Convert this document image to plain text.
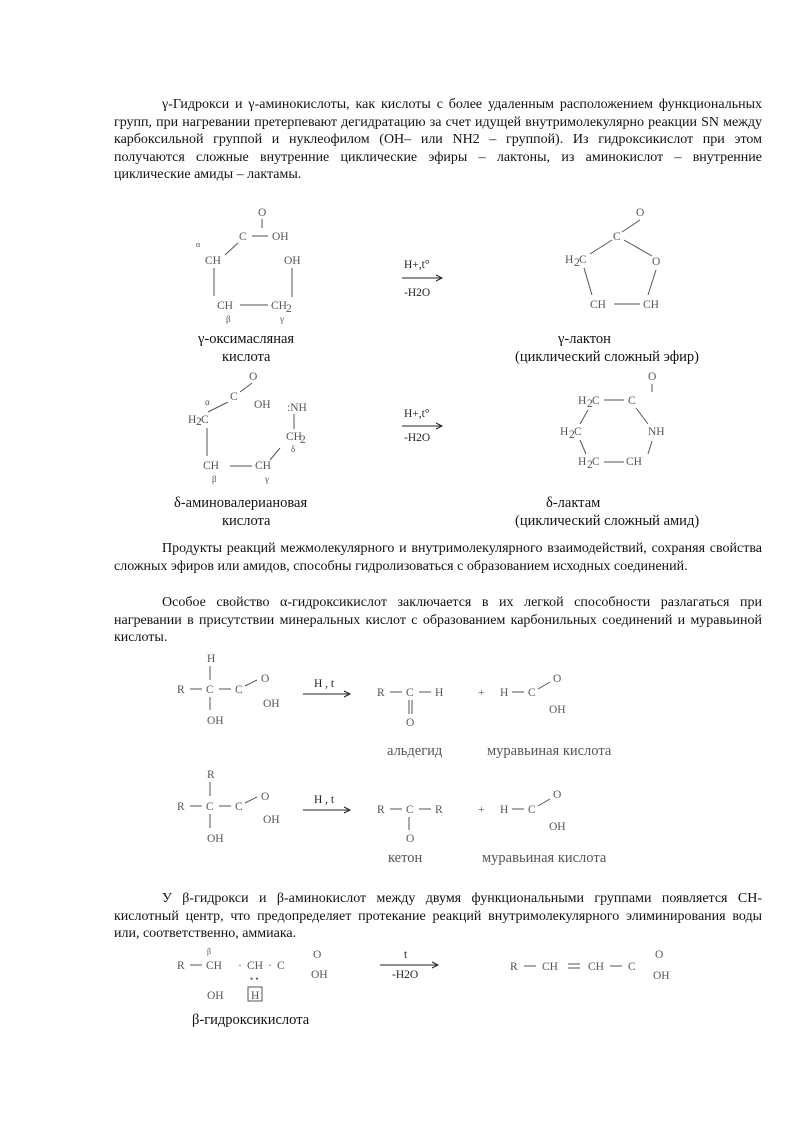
γ-Гидрокси и γ-аминокислоты, как кислоты с более удаленным расположением функциональных групп, при нагревании претерпевают дегидратацию за счет идущей внутримолекулярно реакции SN между карбоксильной группой и нуклеофилом (OH– или NH2 – группой). Из гидроксикислот при этом получаются сложные внутренние циклические эфиры – лактоны, из аминокислот – внутренние циклические амиды – лактамы.

O
C OH
α
CH	OH
CH	CH 2
β	γ
H+,t°
-H2O
O
C
H 2 C	O
CH	CH
O
C
α	OH :NH
H 2 C
CH
2
δ
CH	CH
β	γ
H+,t°
-H2O
O
H 2 C C
H 2 C	NH
H 2 C CH
γ-оксимасляная
кислота
γ-лактон
(циклический сложный эфир)
δ-аминовалериановая
кислота
δ-лактам
(циклический сложный амид)

Продукты реакций межмолекулярного и внутримолекулярного взаимодействий, сохраняя свойства сложных эфиров или амидов, способны гидролизоваться с образованием исходных соединений.

Особое свойство α-гидроксикислот заключается в их легкой способности разлагаться при нагревании в присутствии минеральных кислот с образованием карбонильных соединений и муравьиной кислоты.

H
R C C
O
OH
OH
H , t
R C H
O
+ H C
O
OH
R
R C C
O
OH
OH
H , t
R C R
O
+ H C
O
OH
альдегид	муравьиная кислота
кетон	муравьиная кислота

У β-гидрокси и β-аминокислот между двумя функциональными группами появляется CH-кислотный центр, что предопределяет протекание реакций внутримолекулярного элиминирования воды или, соответственно, аммиака.

β
R CH · CH · C
O
OH
• •
OH H
t
-H2O
R CH	CH C
O
OH
β-гидроксикислота
